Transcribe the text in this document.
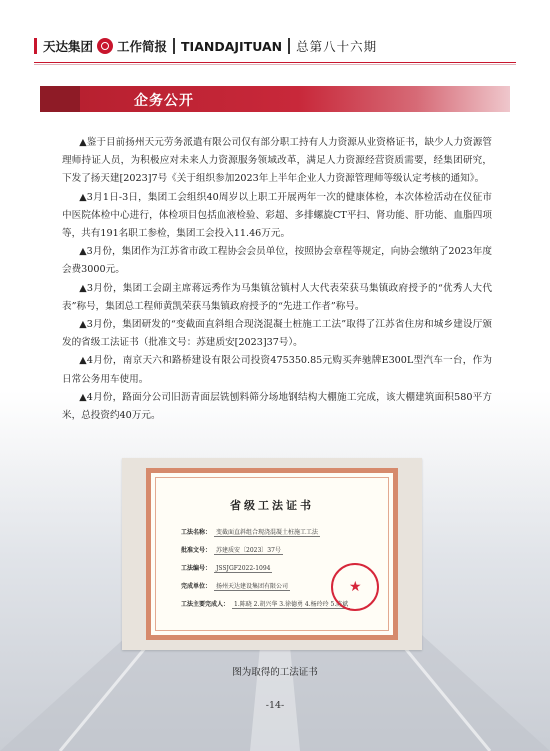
天达集团 工作简报 TIANDAJITUAN 总第八十六期
企务公开

▲鉴于目前扬州天元劳务派遣有限公司仅有部分职工持有人力资源从业资格证书，缺少人力资源管理师持证人员，为积极应对未来人力资源服务领域改革，满足人力资源经营资质需要，经集团研究，下发了扬天建[2023]7号《关于组织参加2023年上半年企业人力资源管理师等级认定考核的通知》。

▲3月1日-3日，集团工会组织40周岁以上职工开展两年一次的健康体检，本次体检活动在仪征市中医院体检中心进行，体检项目包括血液检验、彩超、多排螺旋CT平扫、肾功能、肝功能、血脂四项等，共有191名职工参检，集团工会投入11.46万元。

▲3月份，集团作为江苏省市政工程协会会员单位，按照协会章程等规定，向协会缴纳了2023年度会费3000元。

▲3月份，集团工会副主席蒋远秀作为马集镇岔镇村人大代表荣获马集镇政府授予的“优秀人大代表”称号，集团总工程师黄凯荣获马集镇政府授予的“先进工作者”称号。

▲3月份，集团研发的“变截面直斜组合现浇混凝土桩施工工法”取得了江苏省住房和城乡建设厅颁发的省级工法证书（批准文号：苏建质安[2023]37号）。

▲4月份，南京天六和路桥建设有限公司投资475350.85元购买奔驰牌E300L型汽车一台，作为日常公务用车使用。

▲4月份，路面分公司旧沥青面层铣刨料筛分场地钢结构大棚施工完成，该大棚建筑面积580平方米，总投资约40万元。

省级工法证书
工法名称： 变截面直斜组合现浇混凝土桩施工工法
批准文号： 苏建质安〔2023〕37号
工法编号： JSSJGF2022-1094
完成单位： 扬州天达建设集团有限公司
工法主要完成人： 1.陈晓 2.胡兴华 3.徐德勇 4.杨玲玲 5.陈斌
★
图为取得的工法证书
-14-
